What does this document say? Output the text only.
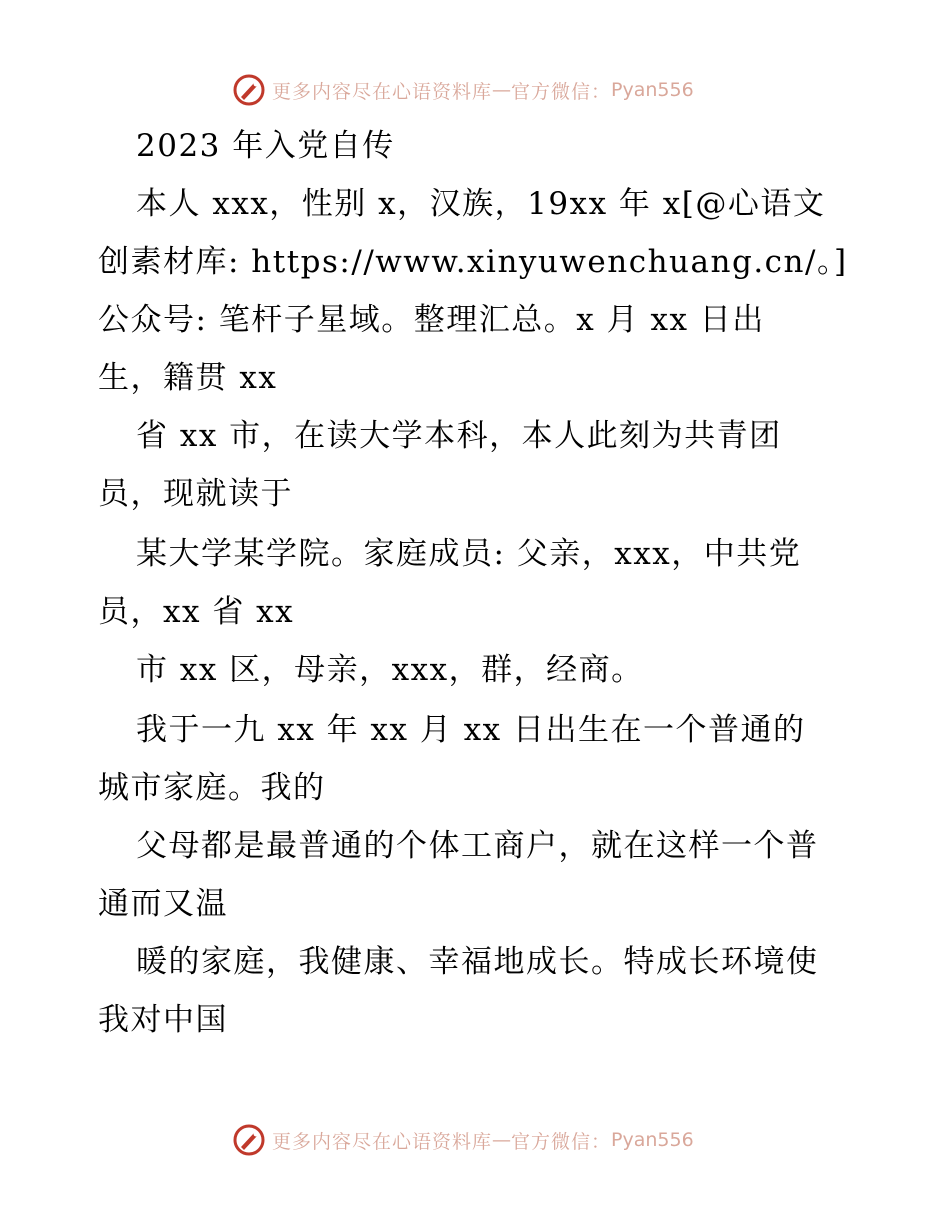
更多内容尽在心语资料库 — 官方微信： Pyan556
2023 年入党自传
本人 xxx，性别 x，汉族，19xx 年 x[@心语文
创素材库: https://www.xinyuwenchuang.cn/。]
公众号: 笔杆子星域。整理汇总。x 月 xx 日出
生，籍贯 xx
省 xx 市，在读大学本科，本人此刻为共青团
员，现就读于
某大学某学院。家庭成员: 父亲，xxx，中共党
员，xx 省 xx
市 xx 区，母亲，xxx，群，经商。
我于一九 xx 年 xx 月 xx 日出生在一个普通的
城市家庭。我的
父母都是最普通的个体工商户，就在这样一个普
通而又温
暖的家庭，我健康、幸福地成长。特成长环境使
我对中国
更多内容尽在心语资料库 — 官方微信： Pyan556
